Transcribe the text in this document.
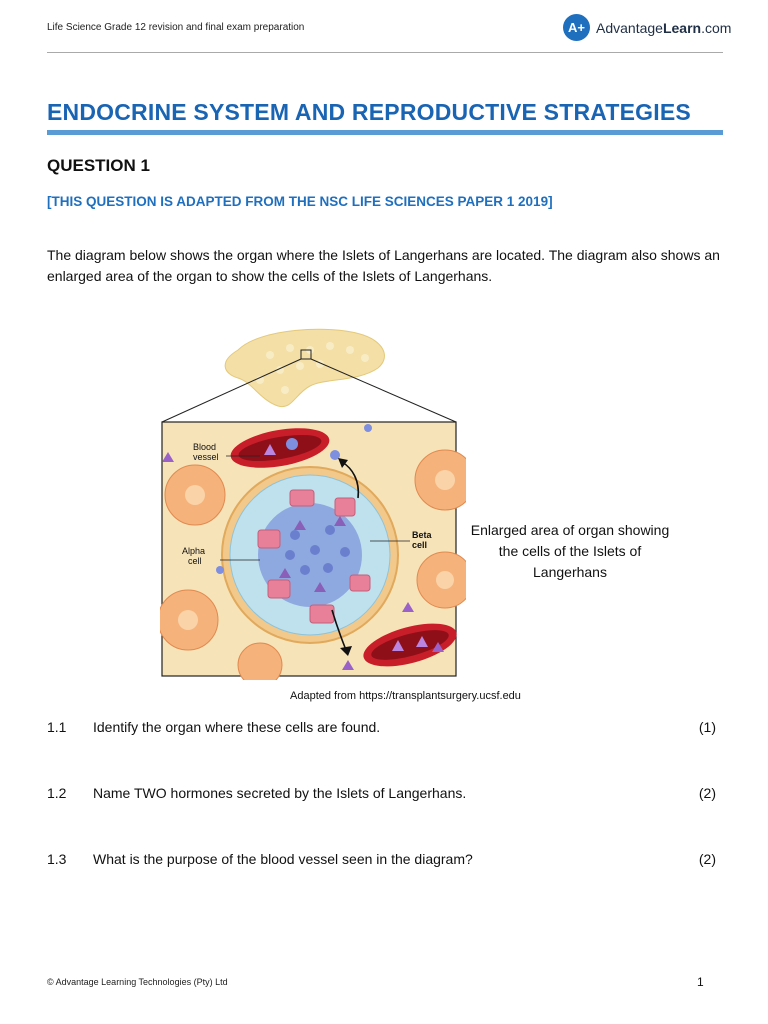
Life Science Grade 12 revision and final exam preparation	A+ AdvantageLearn.com
ENDOCRINE SYSTEM AND REPRODUCTIVE STRATEGIES
QUESTION 1
[THIS QUESTION IS ADAPTED FROM THE NSC LIFE SCIENCES PAPER 1 2019]
The diagram below shows the organ where the Islets of Langerhans are located. The diagram also shows an enlarged area of the organ to show the cells of the Islets of Langerhans.
Blood vessel
Beta cell
Alpha cell
Enlarged area of organ showing the cells of the Islets of Langerhans
Adapted from https://transplantsurgery.ucsf.edu
1.1 Identify the organ where these cells are found.	(1)
1.2 Name TWO hormones secreted by the Islets of Langerhans.	(2)
1.3 What is the purpose of the blood vessel seen in the diagram?	(2)
© Advantage Learning Technologies (Pty) Ltd	1
